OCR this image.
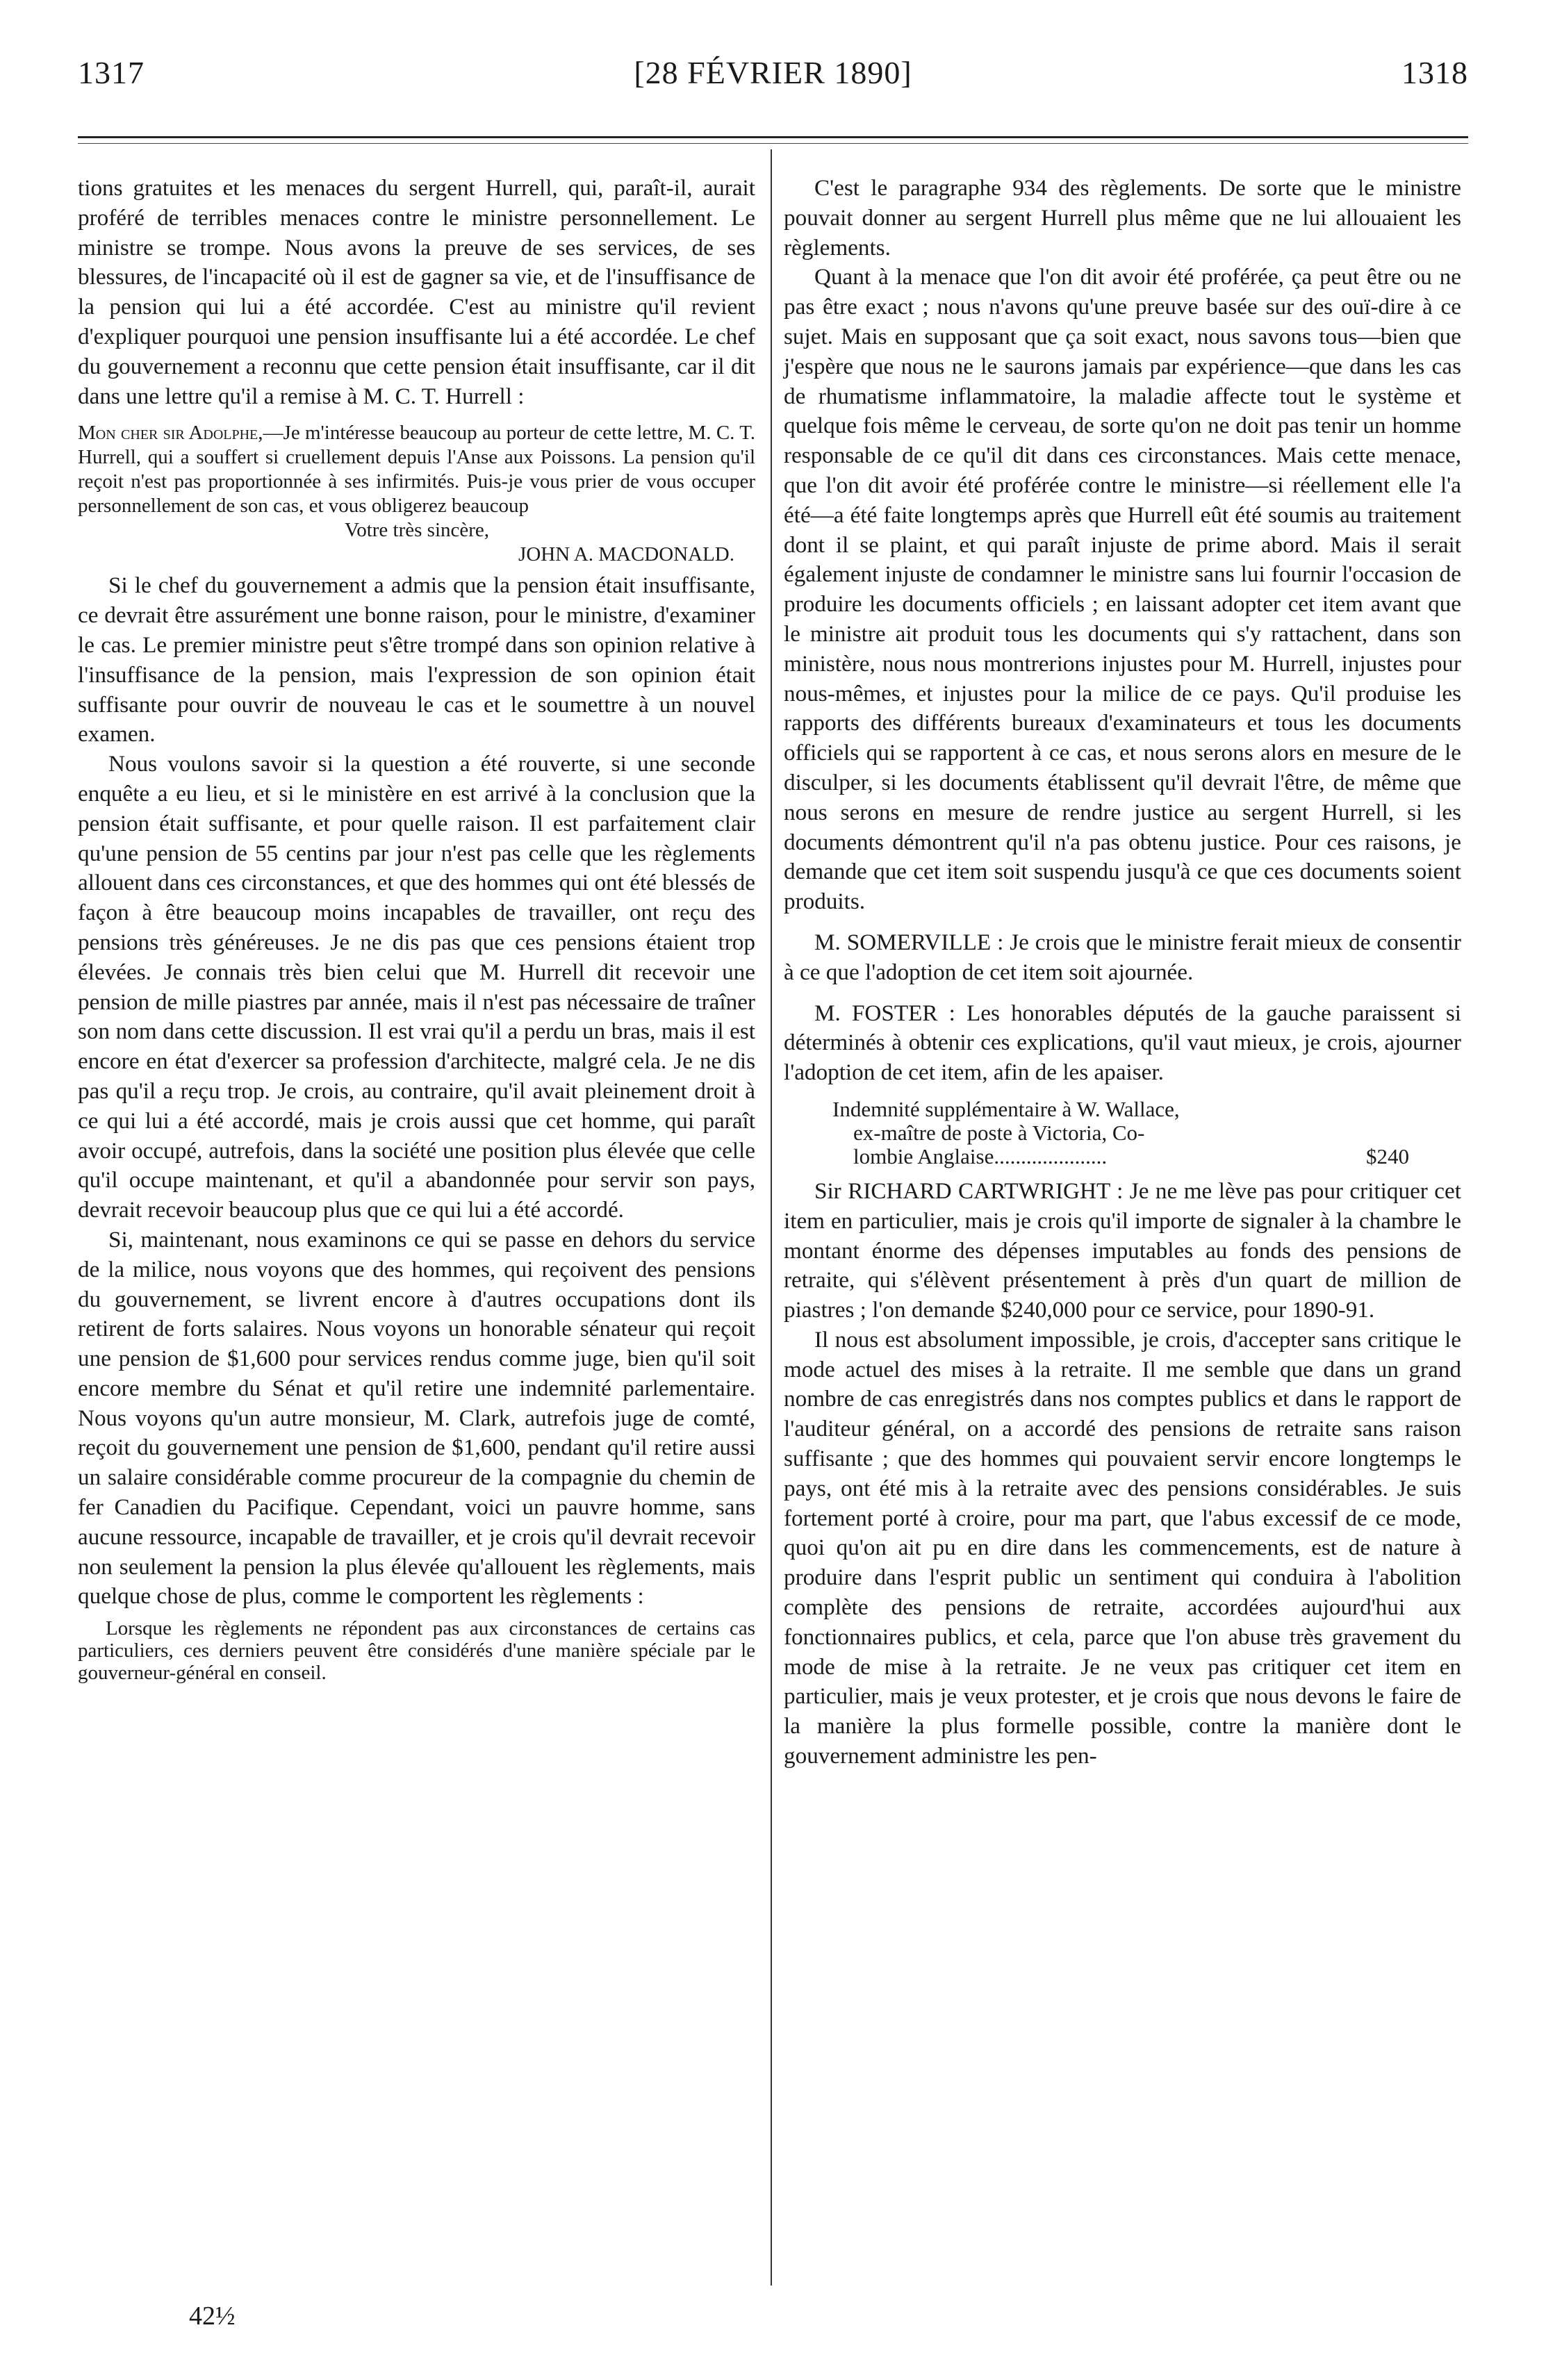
1317	[28 FÉVRIER 1890]	1318

tions gratuites et les menaces du sergent Hurrell, qui, paraît-il, aurait proféré de terribles menaces contre le ministre personnellement. Le ministre se trompe. Nous avons la preuve de ses services, de ses blessures, de l'incapacité où il est de gagner sa vie, et de l'insuffisance de la pension qui lui a été accordée. C'est au ministre qu'il revient d'expliquer pourquoi une pension insuffisante lui a été accordée. Le chef du gouvernement a reconnu que cette pension était insuffisante, car il dit dans une lettre qu'il a remise à M. C. T. Hurrell :

Mon cher sir Adolphe,—Je m'intéresse beaucoup au porteur de cette lettre, M. C. T. Hurrell, qui a souffert si cruellement depuis l'Anse aux Poissons. La pension qu'il reçoit n'est pas proportionnée à ses infirmités. Puis-je vous prier de vous occuper personnellement de son cas, et vous obligerez beaucoup

Votre très sincère,

JOHN A. MACDONALD.

Si le chef du gouvernement a admis que la pension était insuffisante, ce devrait être assurément une bonne raison, pour le ministre, d'examiner le cas. Le premier ministre peut s'être trompé dans son opinion relative à l'insuffisance de la pension, mais l'expression de son opinion était suffisante pour ouvrir de nouveau le cas et le soumettre à un nouvel examen.

Nous voulons savoir si la question a été rouverte, si une seconde enquête a eu lieu, et si le ministère en est arrivé à la conclusion que la pension était suffisante, et pour quelle raison. Il est parfaitement clair qu'une pension de 55 centins par jour n'est pas celle que les règlements allouent dans ces circonstances, et que des hommes qui ont été blessés de façon à être beaucoup moins incapables de travailler, ont reçu des pensions très généreuses. Je ne dis pas que ces pensions étaient trop élevées. Je connais très bien celui que M. Hurrell dit recevoir une pension de mille piastres par année, mais il n'est pas nécessaire de traîner son nom dans cette discussion. Il est vrai qu'il a perdu un bras, mais il est encore en état d'exercer sa profession d'architecte, malgré cela. Je ne dis pas qu'il a reçu trop. Je crois, au contraire, qu'il avait pleinement droit à ce qui lui a été accordé, mais je crois aussi que cet homme, qui paraît avoir occupé, autrefois, dans la société une position plus élevée que celle qu'il occupe maintenant, et qu'il a abandonnée pour servir son pays, devrait recevoir beaucoup plus que ce qui lui a été accordé.

Si, maintenant, nous examinons ce qui se passe en dehors du service de la milice, nous voyons que des hommes, qui reçoivent des pensions du gouvernement, se livrent encore à d'autres occupations dont ils retirent de forts salaires. Nous voyons un honorable sénateur qui reçoit une pension de $1,600 pour services rendus comme juge, bien qu'il soit encore membre du Sénat et qu'il retire une indemnité parlementaire. Nous voyons qu'un autre monsieur, M. Clark, autrefois juge de comté, reçoit du gouvernement une pension de $1,600, pendant qu'il retire aussi un salaire considérable comme procureur de la compagnie du chemin de fer Canadien du Pacifique. Cependant, voici un pauvre homme, sans aucune ressource, incapable de travailler, et je crois qu'il devrait recevoir non seulement la pension la plus élevée qu'allouent les règlements, mais quelque chose de plus, comme le comportent les règlements :

Lorsque les règlements ne répondent pas aux circonstances de certains cas particuliers, ces derniers peuvent être considérés d'une manière spéciale par le gouverneur-général en conseil.

42½

C'est le paragraphe 934 des règlements. De sorte que le ministre pouvait donner au sergent Hurrell plus même que ne lui allouaient les règlements.

Quant à la menace que l'on dit avoir été proférée, ça peut être ou ne pas être exact ; nous n'avons qu'une preuve basée sur des ouï-dire à ce sujet. Mais en supposant que ça soit exact, nous savons tous—bien que j'espère que nous ne le saurons jamais par expérience—que dans les cas de rhumatisme inflammatoire, la maladie affecte tout le système et quelque fois même le cerveau, de sorte qu'on ne doit pas tenir un homme responsable de ce qu'il dit dans ces circonstances. Mais cette menace, que l'on dit avoir été proférée contre le ministre—si réellement elle l'a été—a été faite longtemps après que Hurrell eût été soumis au traitement dont il se plaint, et qui paraît injuste de prime abord. Mais il serait également injuste de condamner le ministre sans lui fournir l'occasion de produire les documents officiels ; en laissant adopter cet item avant que le ministre ait produit tous les documents qui s'y rattachent, dans son ministère, nous nous montrerions injustes pour M. Hurrell, injustes pour nous-mêmes, et injustes pour la milice de ce pays. Qu'il produise les rapports des différents bureaux d'examinateurs et tous les documents officiels qui se rapportent à ce cas, et nous serons alors en mesure de le disculper, si les documents établissent qu'il devrait l'être, de même que nous serons en mesure de rendre justice au sergent Hurrell, si les documents démontrent qu'il n'a pas obtenu justice. Pour ces raisons, je demande que cet item soit suspendu jusqu'à ce que ces documents soient produits.

M. SOMERVILLE : Je crois que le ministre ferait mieux de consentir à ce que l'adoption de cet item soit ajournée.

M. FOSTER : Les honorables députés de la gauche paraissent si déterminés à obtenir ces explications, qu'il vaut mieux, je crois, ajourner l'adoption de cet item, afin de les apaiser.

Indemnité supplémentaire à W. Wallace,
ex-maître de poste à Victoria, Co-
lombie Anglaise.....................	$240

Sir RICHARD CARTWRIGHT : Je ne me lève pas pour critiquer cet item en particulier, mais je crois qu'il importe de signaler à la chambre le montant énorme des dépenses imputables au fonds des pensions de retraite, qui s'élèvent présentement à près d'un quart de million de piastres ; l'on demande $240,000 pour ce service, pour 1890-91.

Il nous est absolument impossible, je crois, d'accepter sans critique le mode actuel des mises à la retraite. Il me semble que dans un grand nombre de cas enregistrés dans nos comptes publics et dans le rapport de l'auditeur général, on a accordé des pensions de retraite sans raison suffisante ; que des hommes qui pouvaient servir encore longtemps le pays, ont été mis à la retraite avec des pensions considérables. Je suis fortement porté à croire, pour ma part, que l'abus excessif de ce mode, quoi qu'on ait pu en dire dans les commencements, est de nature à produire dans l'esprit public un sentiment qui conduira à l'abolition complète des pensions de retraite, accordées aujourd'hui aux fonctionnaires publics, et cela, parce que l'on abuse très gravement du mode de mise à la retraite. Je ne veux pas critiquer cet item en particulier, mais je veux protester, et je crois que nous devons le faire de la manière la plus formelle possible, contre la manière dont le gouvernement administre les pen-
